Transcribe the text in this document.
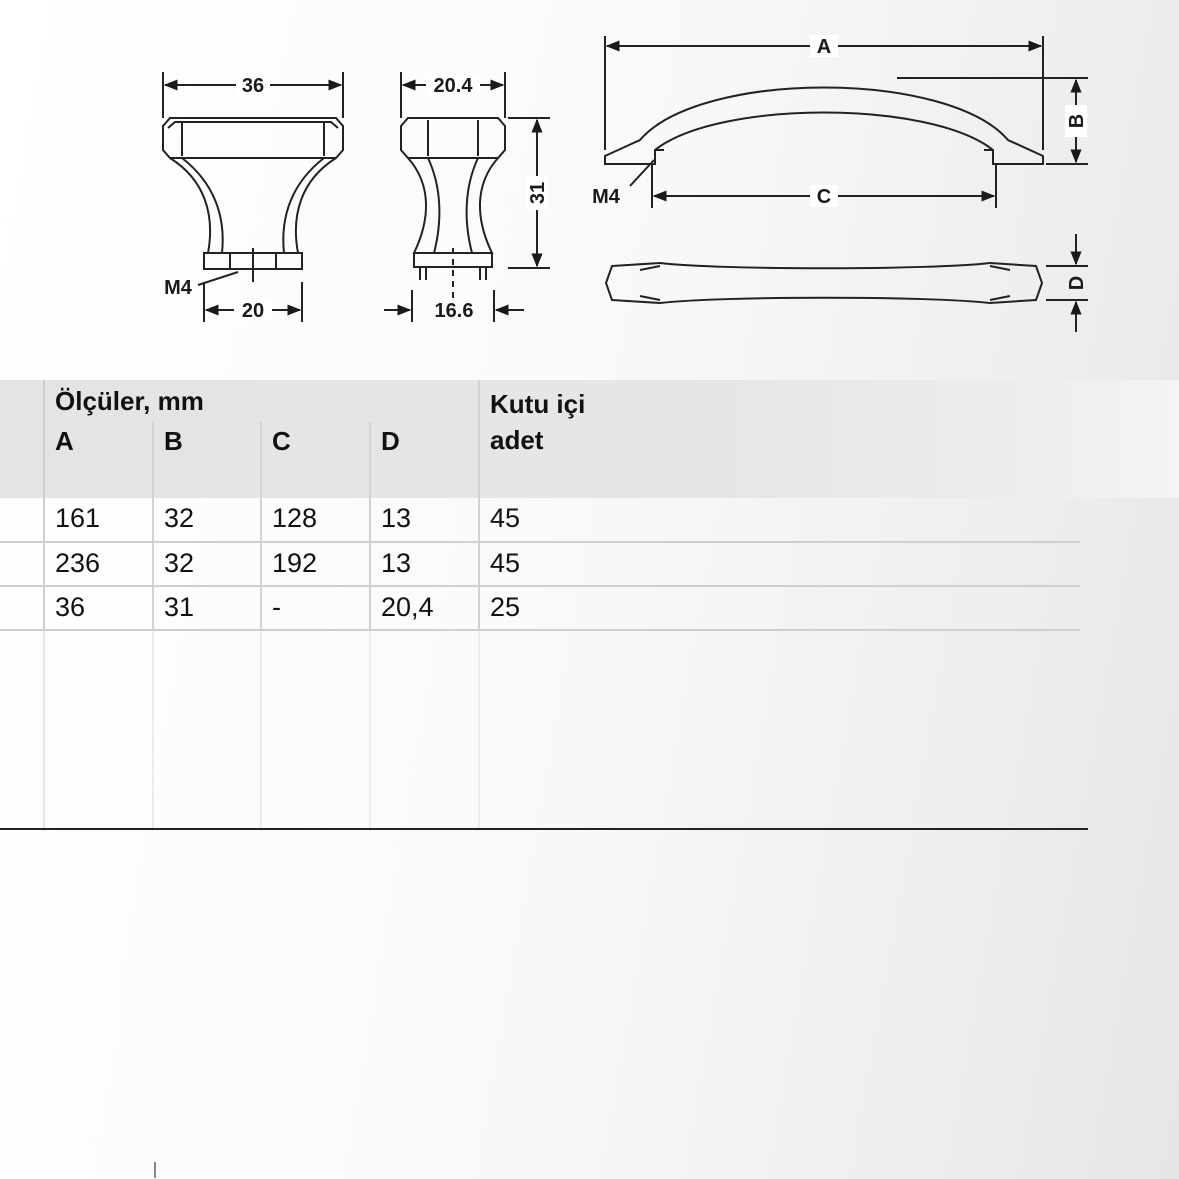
36
M4
20
20.4
31
16.6
A
B
C
D
M4
	Ölçüler, mm				Kutu içi
adet

	A	B	C	D	
	161	32	128	13	45
	236	32	192	13	45
	36	31	-	20,4	25
